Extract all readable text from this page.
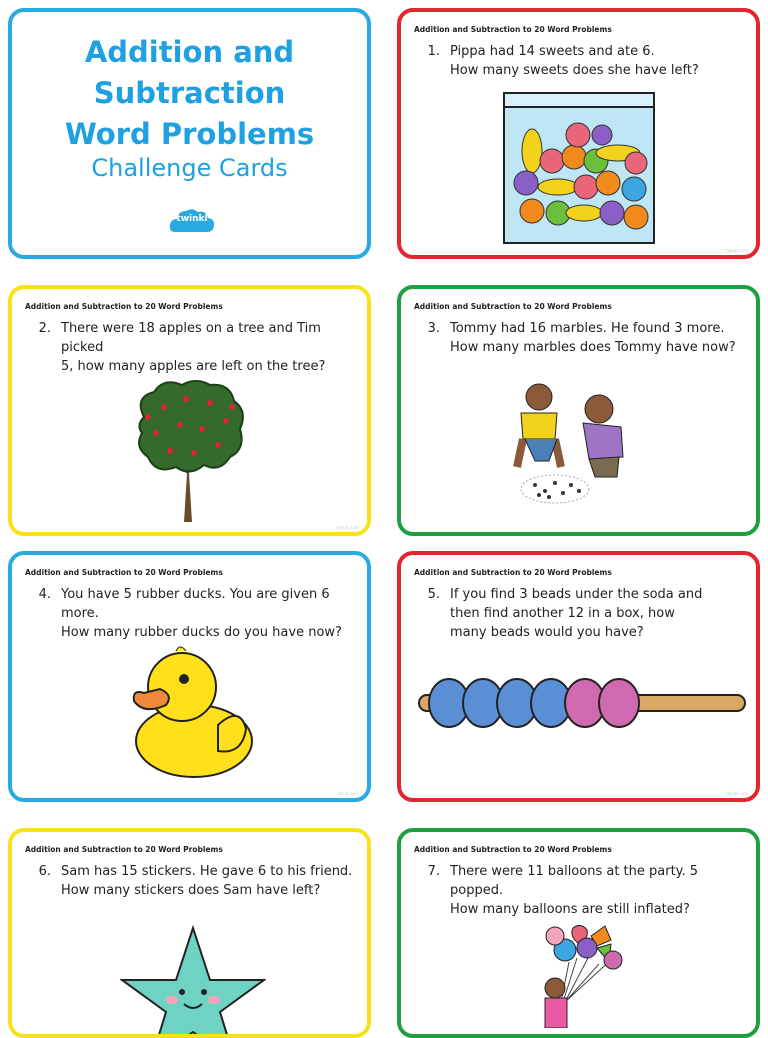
Addition and
Subtraction
Word Problems
Challenge Cards
twinkl
Addition and Subtraction to 20 Word Problems
1. Pippa had 14 sweets and ate 6.
How many sweets does she have left?
twinkl.com
Addition and Subtraction to 20 Word Problems
2. There were 18 apples on a tree and Tim picked
5, how many apples are left on the tree?
twinkl.com
Addition and Subtraction to 20 Word Problems
3. Tommy had 16 marbles. He found 3 more.
How many marbles does Tommy have now?
Addition and Subtraction to 20 Word Problems
4. You have 5 rubber ducks. You are given 6 more.
How many rubber ducks do you have now?
twinkl.com
Addition and Subtraction to 20 Word Problems
5. If you find 3 beads under the soda and
then find another 12 in a box, how
many beads would you have?
twinkl.com
Addition and Subtraction to 20 Word Problems
6. Sam has 15 stickers. He gave 6 to his friend.
How many stickers does Sam have left?
Addition and Subtraction to 20 Word Problems
7. There were 11 balloons at the party. 5 popped.
How many balloons are still inflated?
